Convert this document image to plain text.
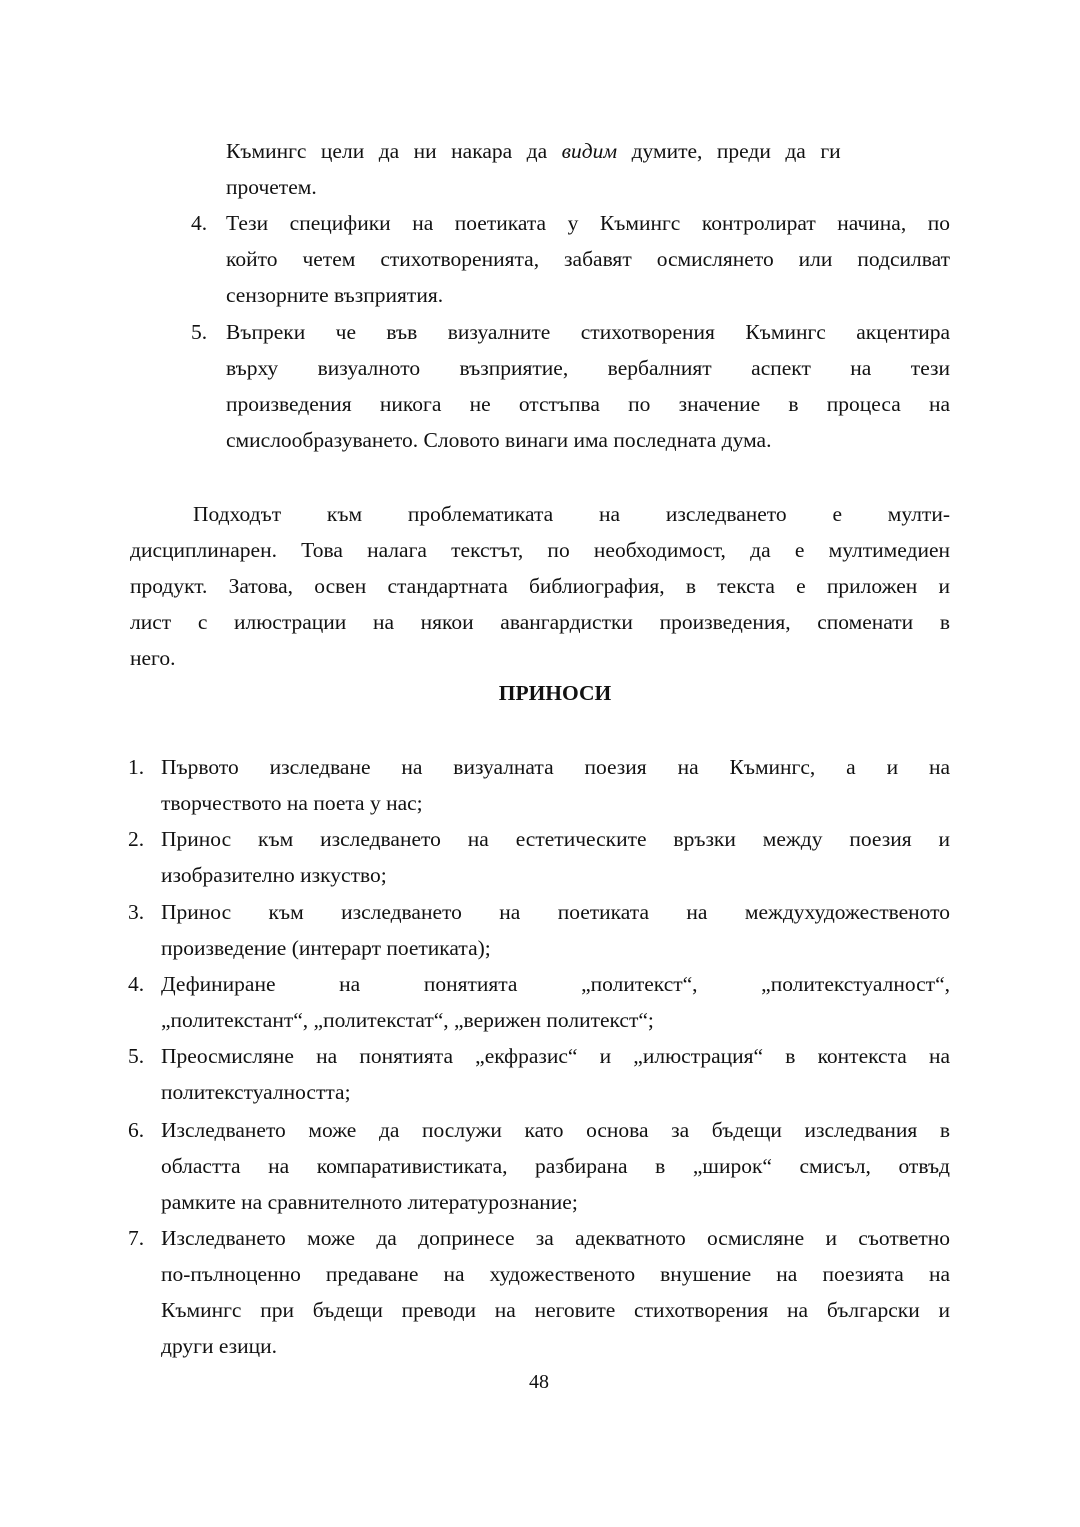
Къмингс цели да ни накара да видим думите, преди да ги
прочетем.
4. Тези специфики на поетиката у Къмингс контролират начина, по
който четем стихотворенията, забавят осмислянето или подсилват
сензорните възприятия.
5. Въпреки че във визуалните стихотворения Къмингс акцентира
върху визуалното възприятие, вербалният аспект на тези
произведения никога не отстъпва по значение в процеса на
смислообразуването. Словото винаги има последната дума.
Подходът към проблематиката на изследването е мулти-
дисциплинарен. Това налага текстът, по необходимост, да е мултимедиен
продукт. Затова, освен стандартната библиография, в текста е приложен и
лист с илюстрации на някои авангардистки произведения, споменати в
него.
ПРИНОСИ
1. Първото изследване на визуалната поезия на Къмингс, а и на
творчеството на поета у нас;
2. Принос към изследването на естетическите връзки между поезия и
изобразително изкуство;
3. Принос към изследването на поетиката на междухудожественото
произведение (интерарт поетиката);
4. Дефиниране на понятията „политекст“, „политекстуалност“,
„политекстант“, „политекстат“, „верижен политекст“;
5. Преосмисляне на понятията „екфразис“ и „илюстрация“ в контекста на
политекстуалността;
6. Изследването може да послужи като основа за бъдещи изследвания в
областта на компаративистиката, разбирана в „широк“ смисъл, отвъд
рамките на сравнителното литературознание;
7. Изследването може да допринесе за адекватното осмисляне и съответно
по-пълноценно предаване на художественото внушение на поезията на
Къмингс при бъдещи преводи на неговите стихотворения на български и
други езици.
48
